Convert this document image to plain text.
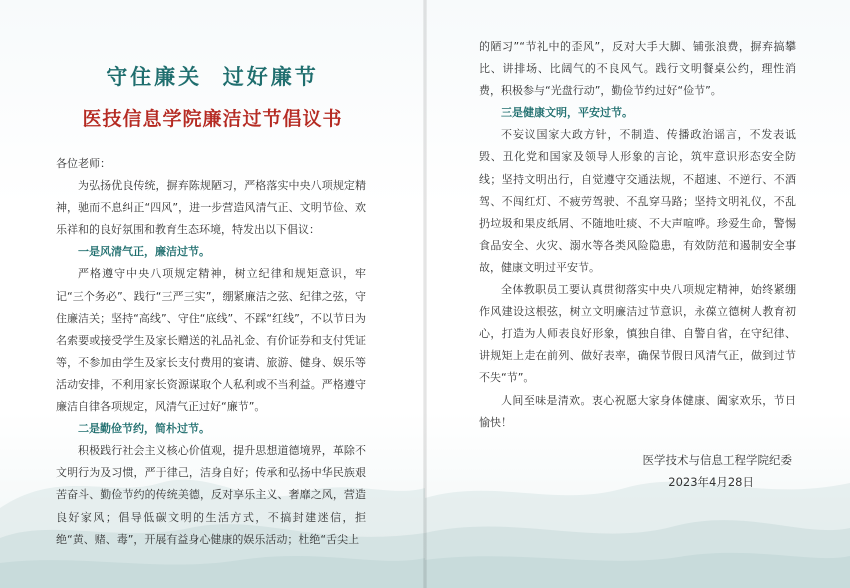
守住廉关  过好廉节
医技信息学院廉洁过节倡议书

各位老师：

为弘扬优良传统，摒弃陈规陋习，严格落实中央八项规定精神，驰而不息纠正“四风”，进一步营造风清气正、文明节俭、欢乐祥和的良好氛围和教育生态环境，特发出以下倡议：

一是风清气正，廉洁过节。

严格遵守中央八项规定精神，树立纪律和规矩意识，牢记“三个务必”、践行“三严三实”，绷紧廉洁之弦、纪律之弦，守住廉洁关；坚持“高线”、守住“底线”、不踩“红线”，不以节日为名索要或接受学生及家长赠送的礼品礼金、有价证券和支付凭证等，不参加由学生及家长支付费用的宴请、旅游、健身、娱乐等活动安排，不利用家长资源谋取个人私利或不当利益。严格遵守廉洁自律各项规定，风清气正过好“廉节”。

二是勤俭节约，简朴过节。

积极践行社会主义核心价值观，提升思想道德境界，革除不文明行为及习惯，严于律己，洁身自好；传承和弘扬中华民族艰苦奋斗、勤俭节约的传统美德，反对享乐主义、奢靡之风，营造良好家风；倡导低碳文明的生活方式，不搞封建迷信，拒绝“黄、赌、毒”，开展有益身心健康的娱乐活动；杜绝“舌尖上

的陋习”“节礼中的歪风”，反对大手大脚、铺张浪费，摒弃搞攀比、讲排场、比阔气的不良风气。践行文明餐桌公约，理性消费，积极参与“光盘行动”，勤俭节约过好“俭节”。

三是健康文明，平安过节。

不妄议国家大政方针，不制造、传播政治谣言，不发表诋毁、丑化党和国家及领导人形象的言论，筑牢意识形态安全防线；坚持文明出行，自觉遵守交通法规，不超速、不逆行、不酒驾、不闯红灯、不疲劳驾驶、不乱穿马路；坚持文明礼仪，不乱扔垃圾和果皮纸屑、不随地吐痰、不大声喧哗。珍爱生命，警惕食品安全、火灾、溺水等各类风险隐患，有效防范和遏制安全事故，健康文明过平安节。

全体教职员工要认真贯彻落实中央八项规定精神，始终紧绷作风建设这根弦，树立文明廉洁过节意识，永葆立德树人教育初心，打造为人师表良好形象，慎独自律、自警自省，在守纪律、讲规矩上走在前列、做好表率，确保节假日风清气正，做到过节不失“节”。

人间至味是清欢。衷心祝愿大家身体健康、阖家欢乐，节日愉快！

医学技术与信息工程学院纪委
2023年4月28日
